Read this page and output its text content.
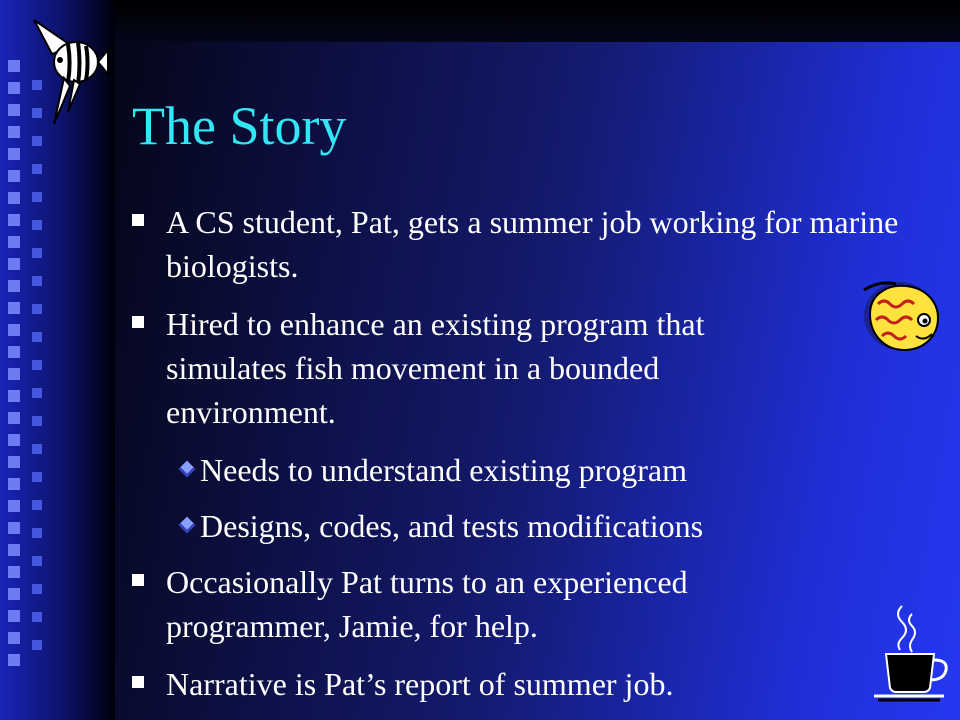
The Story
A CS student, Pat, gets a summer job working for marine biologists.
Hired to enhance an existing program that simulates fish movement in a bounded environment.
Needs to understand existing program
Designs, codes, and tests modifications
Occasionally Pat turns to an experienced programmer, Jamie, for help.
Narrative is Pat’s report of summer job.
